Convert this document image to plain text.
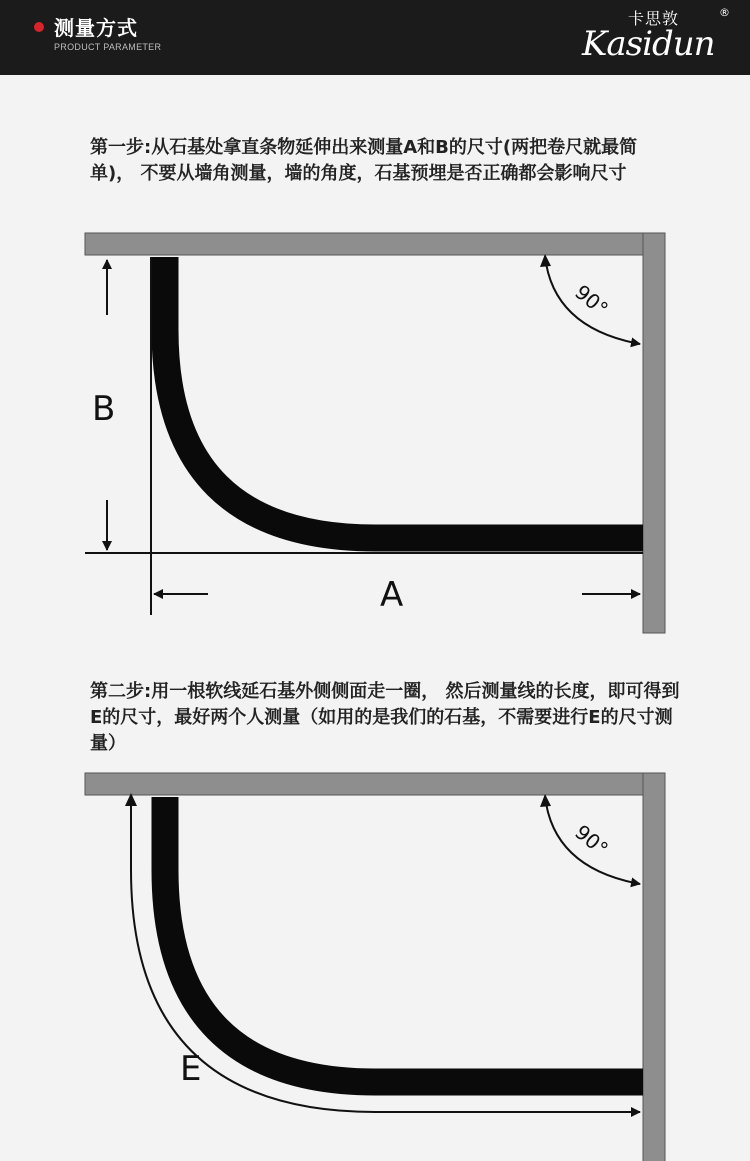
测量方式
PRODUCT PARAMETER
卡思敦	®
Kasidun

第一步:从石基处拿直条物延伸出来测量A和B的尺寸(两把卷尺就最简单)， 不要从墙角测量，墙的角度，石基预埋是否正确都会影响尺寸

B
A
90°

第二步:用一根软线延石基外侧侧面走一圈， 然后测量线的长度，即可得到E的尺寸，最好两个人测量（如用的是我们的石基，不需要进行E的尺寸测量）

E
90°
